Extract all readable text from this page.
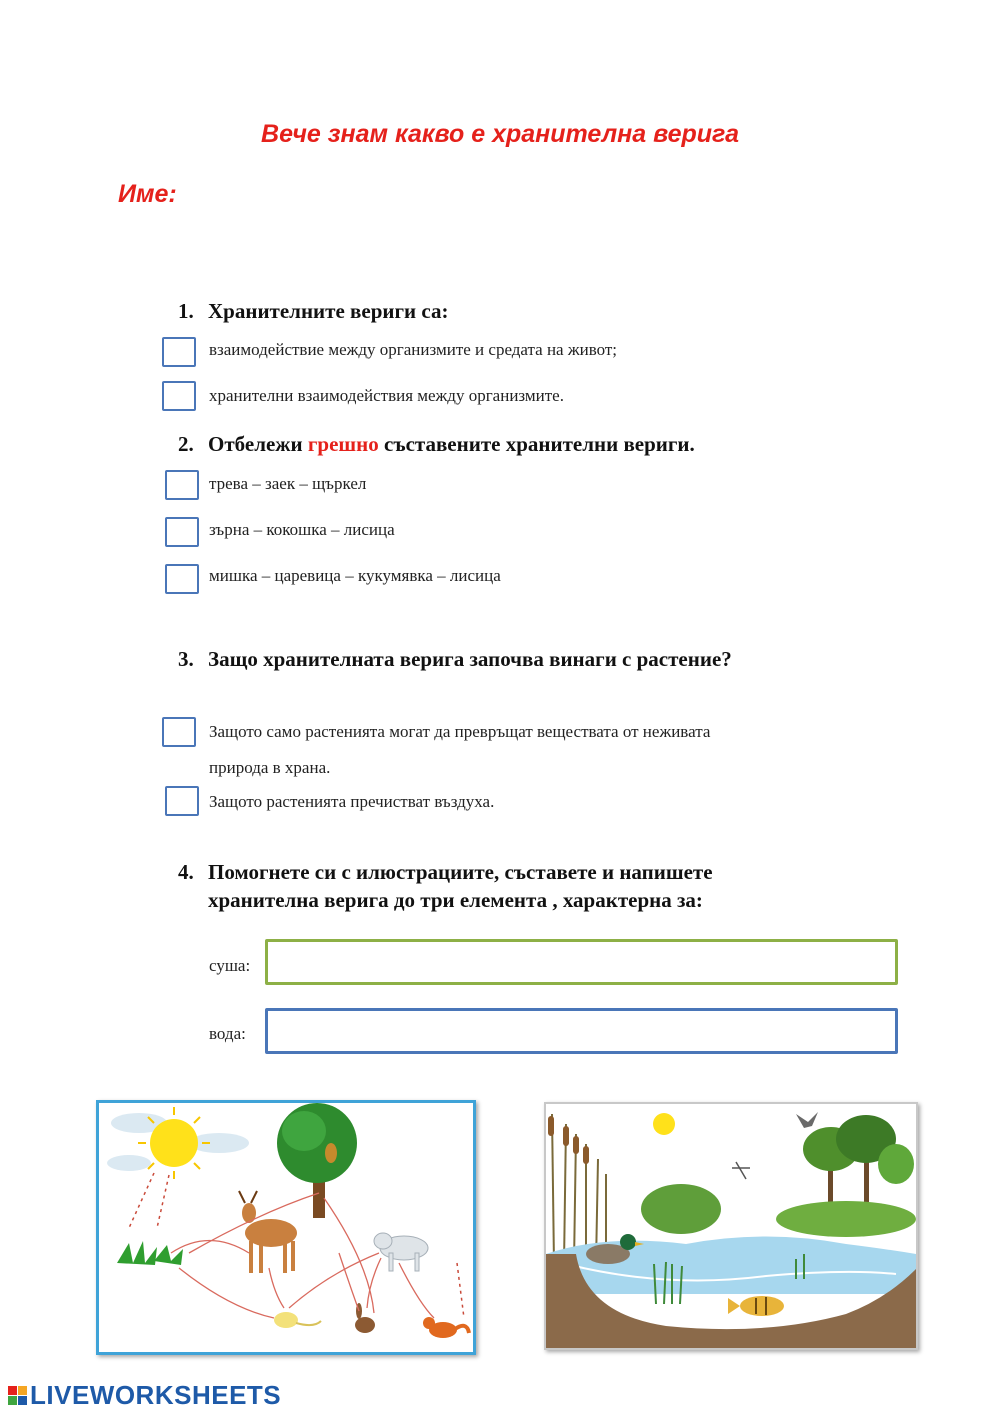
Вече знам какво е хранителна верига
Име:
1. Хранителните вериги са:
взаимодействие между организмите и средата на живот;
хранителни взаимодействия между организмите.
2. Отбележи грешно съставените хранителни вериги.
трева – заек – щъркел
зърна – кокошка – лисица
мишка – царевица – кукумявка – лисица
3. Защо хранителната верига започва винаги с растение?
Защото само растенията могат да превръщат веществата от неживата
природа в храна.
Защото растенията пречистват въздуха.
4. Помогнете си с илюстрациите, съставете и напишете
хранителна верига до три елемента , характерна за:
суша:
вода:
LIVEWORKSHEETS
